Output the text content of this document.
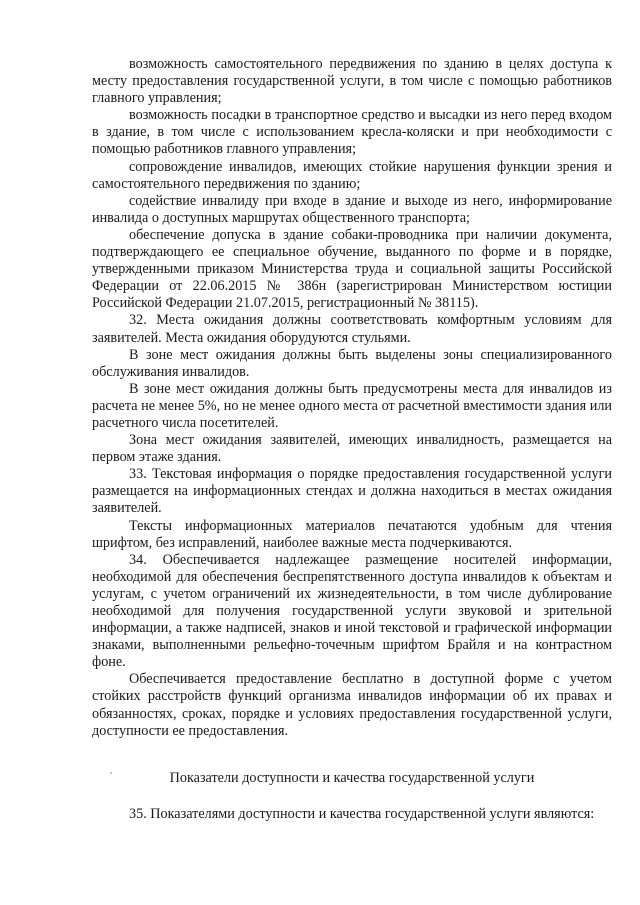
возможность самостоятельного передвижения по зданию в целях доступа к месту предоставления государственной услуги, в том числе с помощью работников главного управления;

возможность посадки в транспортное средство и высадки из него перед входом в здание, в том числе с использованием кресла-коляски и при необходимости с помощью работников главного управления;

сопровождение инвалидов, имеющих стойкие нарушения функции зрения и самостоятельного передвижения по зданию;

содействие инвалиду при входе в здание и выходе из него, информирование инвалида о доступных маршрутах общественного транспорта;

обеспечение допуска в здание собаки-проводника при наличии документа, подтверждающего ее специальное обучение, выданного по форме и в порядке, утвержденными приказом Министерства труда и социальной защиты Российской Федерации от 22.06.2015 № 386н (зарегистрирован Министерством юстиции Российской Федерации 21.07.2015, регистрационный № 38115).

32. Места ожидания должны соответствовать комфортным условиям для заявителей. Места ожидания оборудуются стульями.

В зоне мест ожидания должны быть выделены зоны специализированного обслуживания инвалидов.

В зоне мест ожидания должны быть предусмотрены места для инвалидов из расчета не менее 5%, но не менее одного места от расчетной вместимости здания или расчетного числа посетителей.

Зона мест ожидания заявителей, имеющих инвалидность, размещается на первом этаже здания.

33. Текстовая информация о порядке предоставления государственной услуги размещается на информационных стендах и должна находиться в местах ожидания заявителей.

Тексты информационных материалов печатаются удобным для чтения шрифтом, без исправлений, наиболее важные места подчеркиваются.

34. Обеспечивается надлежащее размещение носителей информации, необходимой для обеспечения беспрепятственного доступа инвалидов к объектам и услугам, с учетом ограничений их жизнедеятельности, в том числе дублирование необходимой для получения государственной услуги звуковой и зрительной информации, а также надписей, знаков и иной текстовой и графической информации знаками, выполненными рельефно-точечным шрифтом Брайля и на контрастном фоне.

Обеспечивается предоставление бесплатно в доступной форме с учетом стойких расстройств функций организма инвалидов информации об их правах и обязанностях, сроках, порядке и условиях предоставления государственной услуги, доступности ее предоставления.

Показатели доступности и качества государственной услуги

35. Показателями доступности и качества государственной услуги являются:
